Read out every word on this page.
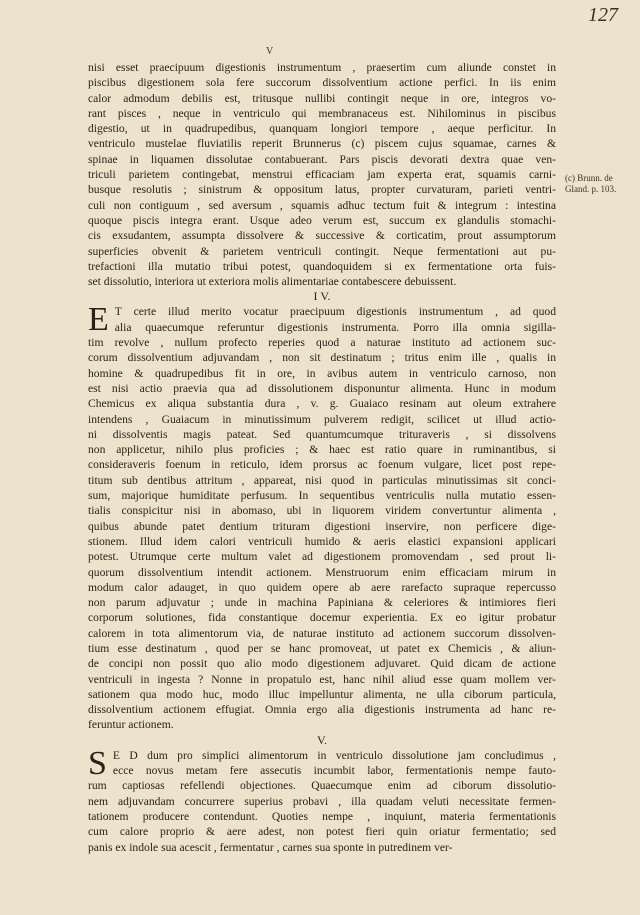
127
V
nisi esset praecipuum digestionis instrumentum , praesertim cum aliunde constet in
piscibus digestionem sola fere succorum dissolventium actione perfici. In iis enim
calor admodum debilis est, tritusque nullibi contingit neque in ore, integros vo-
rant pisces , neque in ventriculo qui membranaceus est. Nihilominus in piscibus
digestio, ut in quadrupedibus, quanquam longiori tempore , aeque perficitur. In
ventriculo mustelae fluviatilis reperit Brunnerus (c) piscem cujus squamae, carnes &
spinae in liquamen dissolutae contabuerant. Pars piscis devorati dextra quae ven-
triculi parietem contingebat, menstrui efficaciam jam experta erat, squamis carni-
busque resolutis ; sinistrum & oppositum latus, propter curvaturam, parieti ventri-
culi non contiguum , sed aversum , squamis adhuc tectum fuit & integrum : intestina
quoque piscis integra erant. Usque adeo verum est, succum ex glandulis stomachi-
cis exsudantem, assumpta dissolvere & successive & corticatim, prout assumptorum
superficies obvenit & parietem ventriculi contingit. Neque fermentationi aut pu-
trefactioni illa mutatio tribui potest, quandoquidem si ex fermentatione orta fuis-
set dissolutio, interiora ut exteriora molis alimentariae contabescere debuissent.
I V.
E T certe illud merito vocatur praecipuum digestionis instrumentum , ad quod
alia quaecumque referuntur digestionis instrumenta. Porro illa omnia sigilla-
tim revolve , nullum profecto reperies quod a naturae instituto ad actionem suc-
corum dissolventium adjuvandam , non sit destinatum ; tritus enim ille , qualis in
homine & quadrupedibus fit in ore, in avibus autem in ventriculo carnoso, non
est nisi actio praevia qua ad dissolutionem disponuntur alimenta. Hunc in modum
Chemicus ex aliqua substantia dura , v. g. Guaiaco resinam aut oleum extrahere
intendens , Guaiacum in minutissimum pulverem redigit, scilicet ut illud actio-
ni dissolventis magis pateat. Sed quantumcumque trituraveris , si dissolvens
non applicetur, nihilo plus proficies ; & haec est ratio quare in ruminantibus, si
consideraveris foenum in reticulo, idem prorsus ac foenum vulgare, licet post repe-
titum sub dentibus attritum , appareat, nisi quod in particulas minutissimas sit conci-
sum, majorique humiditate perfusum. In sequentibus ventriculis nulla mutatio essen-
tialis conspicitur nisi in abomaso, ubi in liquorem viridem convertuntur alimenta ,
quibus abunde patet dentium trituram digestioni inservire, non perficere dige-
stionem. Illud idem calori ventriculi humido & aeris elastici expansioni applicari
potest. Utrumque certe multum valet ad digestionem promovendam , sed prout li-
quorum dissolventium intendit actionem. Menstruorum enim efficaciam mirum in
modum calor adauget, in quo quidem opere ab aere rarefacto supraque repercusso
non parum adjuvatur ; unde in machina Papiniana & celeriores & intimiores fieri
corporum solutiones, fida constantique docemur experientia. Ex eo igitur probatur
calorem in tota alimentorum via, de naturae instituto ad actionem succorum dissolven-
tium esse destinatum , quod per se hanc promoveat, ut patet ex Chemicis , & aliun-
de concipi non possit quo alio modo digestionem adjuvaret. Quid dicam de actione
ventriculi in ingesta ? Nonne in propatulo est, hanc nihil aliud esse quam mollem ver-
sationem qua modo huc, modo illuc impelluntur alimenta, ne ulla ciborum particula,
dissolventium actionem effugiat. Omnia ergo alia digestionis instrumenta ad hanc re-
feruntur actionem.
V.
S E D dum pro simplici alimentorum in ventriculo dissolutione jam concludimus ,
ecce novus metam fere assecutis incumbit labor, fermentationis nempe fauto-
rum captiosas refellendi objectiones. Quaecumque enim ad ciborum dissolutio-
nem adjuvandam concurrere superius probavi , illa quadam veluti necessitate fermen-
tationem producere contendunt. Quoties nempe , inquiunt, materia fermentationis
cum calore proprio & aere adest, non potest fieri quin oriatur fermentatio; sed
panis ex indole sua acescit , fermentatur , carnes sua sponte in putredinem ver-
(c) Brunn. de Gland. p. 103.
